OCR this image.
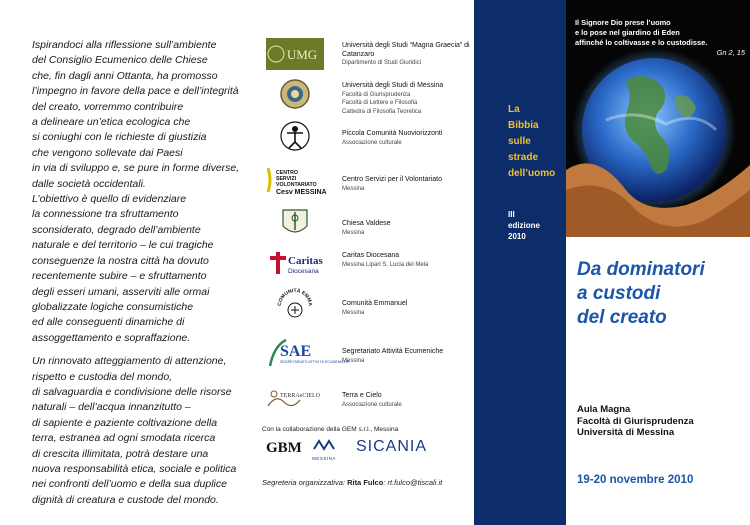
Ispirandoci alla riflessione sull’ambiente
del Consiglio Ecumenico delle Chiese
che, fin dagli anni Ottanta, ha promosso
l’impegno in favore della pace e dell’integrità
del creato, vorremmo contribuire
a delineare un’etica ecologica che
si coniughi con le richieste di giustizia
che vengono sollevate dai Paesi
in via di sviluppo e, se pure in forme diverse,
dalle società occidentali.
L’obiettivo è quello di evidenziare
la connessione tra sfruttamento
sconsiderato, degrado dell’ambiente
naturale e del territorio – le cui tragiche
conseguenze la nostra città ha dovuto
recentemente subire – e sfruttamento
degli esseri umani, asserviti alle ormai
globalizzate logiche consumistiche
ed alle conseguenti dinamiche di
assoggettamento e sopraffazione.

Un rinnovato atteggiamento di attenzione,
rispetto e custodia del mondo,
di salvaguardia e condivisione delle risorse
naturali – dell’acqua innanzitutto –
di sapiente e paziente coltivazione della
terra, estranea ad ogni smodata ricerca
di crescita illimitata, potrà destare una
nuova responsabilità etica, sociale e politica
nei confronti dell’uomo e della sua duplice
dignità di creatura e custode del mondo.

UMG
Università degli Studi “Magna Graecia” di Catanzaro
Dipartimento di Studi Giuridici
Università degli Studi di Messina
Facoltà di Giurisprudenza
Facoltà di Lettere e Filosofia
Cattedra di Filosofia Teoretica
Piccola Comunità Nuoviorizzonti
Associazione culturale
CENTRO
SERVIZI
VOLONTARIATO
Cesv MESSINA
Centro Servizi per il Volontariato
Messina
Chiesa Valdese
Messina
Caritas
Diocesana
Caritas Diocesana
Messina Lipari S. Lucia del Mela
COMUNITÀ EMMA	Comunità Emmanuel
Messina
SAE
SEGRETARIATO ATTIVITÀ ECUMENICHE
Segretariato Attività Ecumeniche
Messina
TERRAeCIELO	Terra e Cielo
Associazione culturale
Con la collaborazione della GEM s.r.l., Messina
GBM
MESSINA
SICANIA
Segreteria organizzativa: Rita Fulco: rt.fulco@tiscali.it
La
Bibbia
sulle
strade
dell’uomo
III
edizione
2010
Il Signore Dio prese l’uomo
e lo pose nel giardino di Eden
affinché lo coltivasse e lo custodisse.
Gn 2, 15
Da dominatori
a custodi
del creato
Aula Magna
Facoltà di Giurisprudenza
Università di Messina
19-20 novembre 2010
